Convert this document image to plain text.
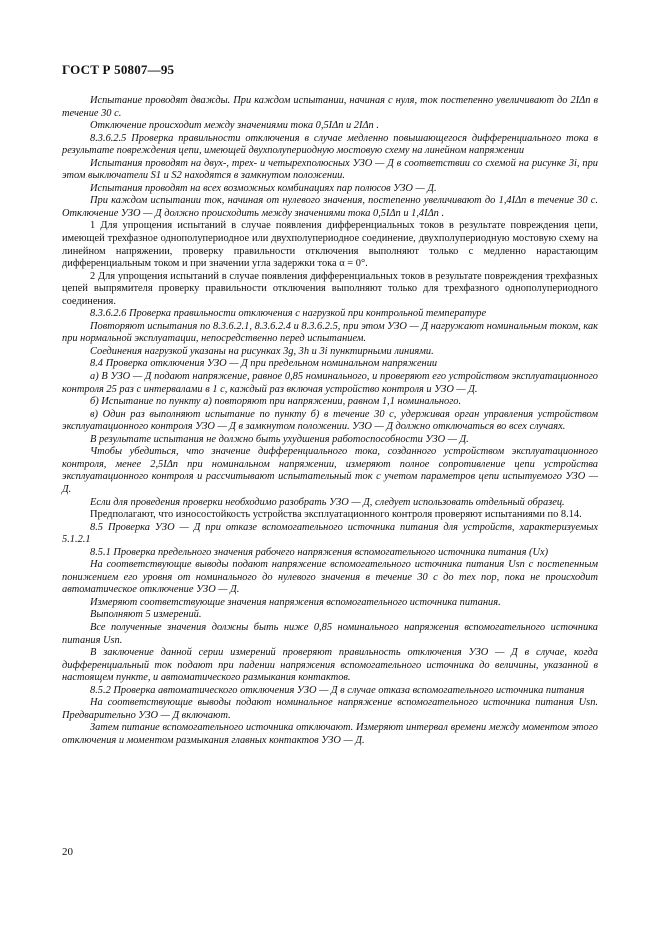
ГОСТ Р 50807—95

Испытание проводят дважды. При каждом испытании, начиная с нуля, ток постепенно увеличивают до 2IΔn в течение 30 с.

Отключение происходит между значениями тока 0,5IΔn и 2IΔn .

8.3.6.2.5 Проверка правильности отключения в случае медленно повышающегося дифференциального тока в результате повреждения цепи, имеющей двухполупериодную мостовую схему на линейном напряжении

Испытания проводят на двух-, трех- и четырехполюсных УЗО — Д в соответствии со схемой на рисунке 3i, при этом выключатели S1 и S2 находятся в замкнутом положении.

Испытания проводят на всех возможных комбинациях пар полюсов УЗО — Д.

При каждом испытании ток, начиная от нулевого значения, постепенно увеличивают до 1,4IΔn в течение 30 с. Отключение УЗО — Д должно происходить между значениями тока 0,5IΔn и 1,4IΔn .

1 Для упрощения испытаний в случае появления дифференциальных токов в результате повреждения цепи, имеющей трехфазное однополупериодное или двухполупериодное соединение, двухполупериодную мостовую схему на линейном напряжении, проверку правильности отключения выполняют только с медленно нарастающим дифференциальным током и при значении угла задержки тока α = 0°.

2 Для упрощения испытаний в случае появления дифференциальных токов в результате повреждения трехфазных цепей выпрямителя проверку правильности отключения выполняют только для трехфазного однополупериодного соединения.

8.3.6.2.6 Проверка правильности отключения с нагрузкой при контрольной температуре

Повторяют испытания по 8.3.6.2.1, 8.3.6.2.4 и 8.3.6.2.5, при этом УЗО — Д нагружают номинальным током, как при нормальной эксплуатации, непосредственно перед испытанием.

Соединения нагрузкой указаны на рисунках 3g, 3h и 3i пунктирными линиями.

8.4 Проверка отключения УЗО — Д при предельном номинальном напряжении

а) В УЗО — Д подают напряжение, равное 0,85 номинального, и проверяют его устройством эксплуатационного контроля 25 раз с интервалами в 1 с, каждый раз включая устройство контроля и УЗО — Д.

б) Испытание по пункту а) повторяют при напряжении, равном 1,1 номинального.

в) Один раз выполняют испытание по пункту б) в течение 30 с, удерживая орган управления устройством эксплуатационного контроля УЗО — Д в замкнутом положении. УЗО — Д должно отключаться во всех случаях.

В результате испытания не должно быть ухудшения работоспособности УЗО — Д.

Чтобы убедиться, что значение дифференциального тока, созданного устройством эксплуатационного контроля, менее 2,5IΔn при номинальном напряжении, измеряют полное сопротивление цепи устройства эксплуатационного контроля и рассчитывают испытательный ток с учетом параметров цепи испытуемого УЗО — Д.

Если для проведения проверки необходимо разобрать УЗО — Д, следует использовать отдельный образец.

Предполагают, что износостойкость устройства эксплуатационного контроля проверяют испытаниями по 8.14.

8.5 Проверка УЗО — Д при отказе вспомогательного источника питания для устройств, характеризуемых 5.1.2.1

8.5.1 Проверка предельного значения рабочего напряжения вспомогательного источника питания (Ux)

На соответствующие выводы подают напряжение вспомогательного источника питания Usn с постепенным понижением его уровня от номинального до нулевого значения в течение 30 с до тех пор, пока не происходит автоматическое отключение УЗО — Д.

Измеряют соответствующие значения напряжения вспомогательного источника питания.

Выполняют 5 измерений.

Все полученные значения должны быть ниже 0,85 номинального напряжения вспомогательного источника питания Usn.

В заключение данной серии измерений проверяют правильность отключения УЗО — Д в случае, когда дифференциальный ток подают при падении напряжения вспомогательного источника до величины, указанной в настоящем пункте, и автоматического размыкания контактов.

8.5.2 Проверка автоматического отключения УЗО — Д в случае отказа вспомогательного источника питания

На соответствующие выводы подают номинальное напряжение вспомогательного источника питания Usn. Предварительно УЗО — Д включают.

Затем питание вспомогательного источника отключают. Измеряют интервал времени между моментом этого отключения и моментом размыкания главных контактов УЗО — Д.

20
